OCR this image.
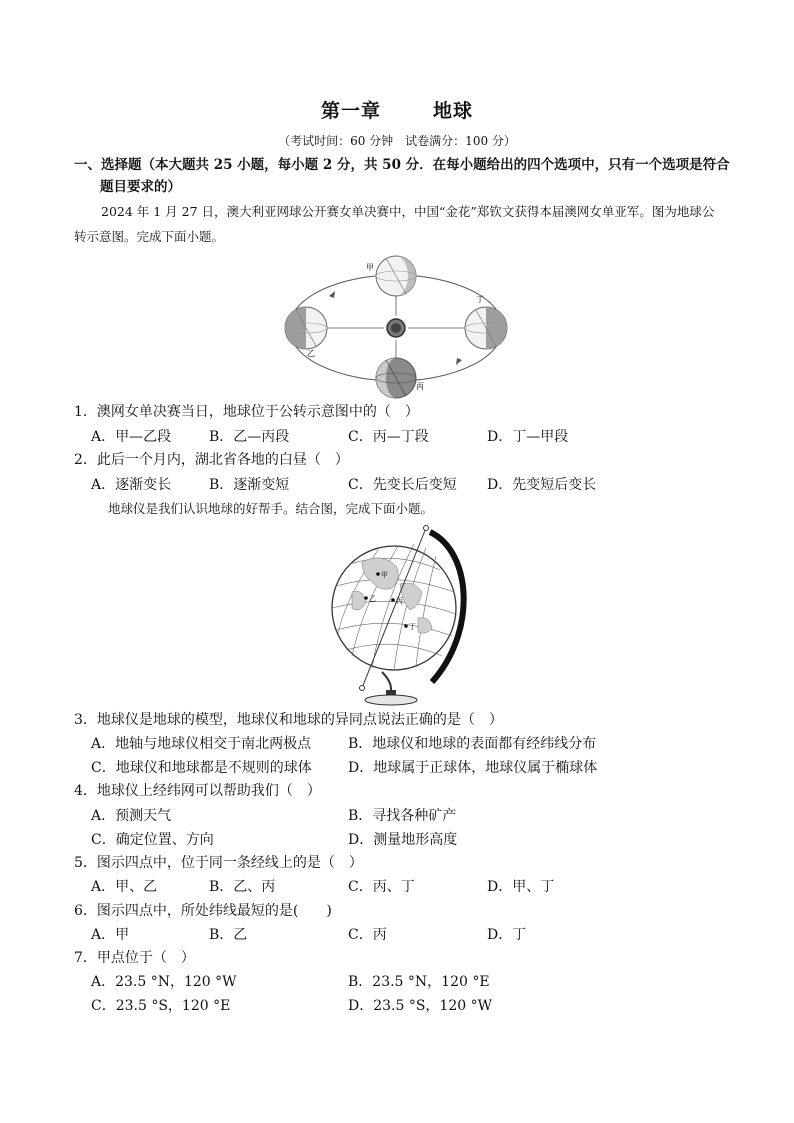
第一章	地球
（考试时间：60 分钟　试卷满分：100 分）
一、选择题（本大题共 25 小题，每小题 2 分，共 50 分．在每小题给出的四个选项中，只有一个选项是符合题目要求的）
2024 年 1 月 27 日，澳大利亚网球公开赛女单决赛中，中国“金花”郑钦文获得本届澳网女单亚军。图为地球公转示意图。完成下面小题。
甲
乙
丙
丁
1．澳网女单决赛当日，地球位于公转示意图中的（　）
A．甲—乙段	B．乙—丙段	C．丙—丁段	D．丁—甲段
2．此后一个月内，湖北省各地的白昼（　）
A．逐渐变长	B．逐渐变短	C．先变长后变短 D．先变短后变长
地球仪是我们认识地球的好帮手。结合图，完成下面小题。
甲
乙	丙
丁
3．地球仪是地球的模型，地球仪和地球的异同点说法正确的是（　）
A．地轴与地球仪相交于南北两极点	B．地球仪和地球的表面都有经纬线分布
C．地球仪和地球都是不规则的球体	D．地球属于正球体，地球仪属于椭球体
4．地球仪上经纬网可以帮助我们（　）
A．预测天气	B．寻找各种矿产
C．确定位置、方向	D．测量地形高度
5．图示四点中，位于同一条经线上的是（　）
A．甲、乙	B．乙、丙	C．丙、丁	D．甲、丁
6．图示四点中，所处纬线最短的是(　　)
A．甲	B．乙	C．丙	D．丁
7．甲点位于（　）
A．23.5 °N，120 °W	B．23.5 °N，120 °E
C．23.5 °S，120 °E	D．23.5 °S，120 °W
